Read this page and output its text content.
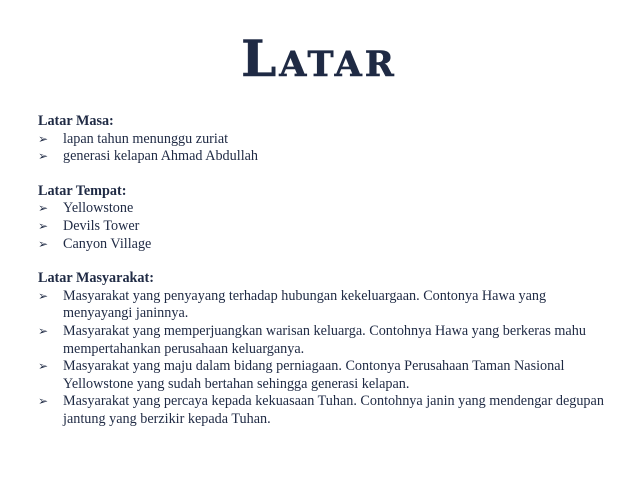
Latar

Latar Masa:

➢	lapan tahun menunggu zuriat
➢	generasi kelapan Ahmad Abdullah

Latar Tempat:

➢	Yellowstone
➢	Devils Tower
➢	Canyon Village

Latar Masyarakat:

➢	Masyarakat yang penyayang terhadap hubungan kekeluargaan. Contonya Hawa yang menyayangi janinnya.
➢	Masyarakat yang memperjuangkan warisan keluarga. Contohnya Hawa yang berkeras mahu mempertahankan perusahaan keluarganya.
➢	Masyarakat yang maju dalam bidang perniagaan. Contonya Perusahaan Taman Nasional Yellowstone yang sudah bertahan sehingga generasi kelapan.
➢	Masyarakat yang percaya kepada kekuasaan Tuhan. Contohnya janin yang mendengar degupan jantung yang berzikir kepada Tuhan.
